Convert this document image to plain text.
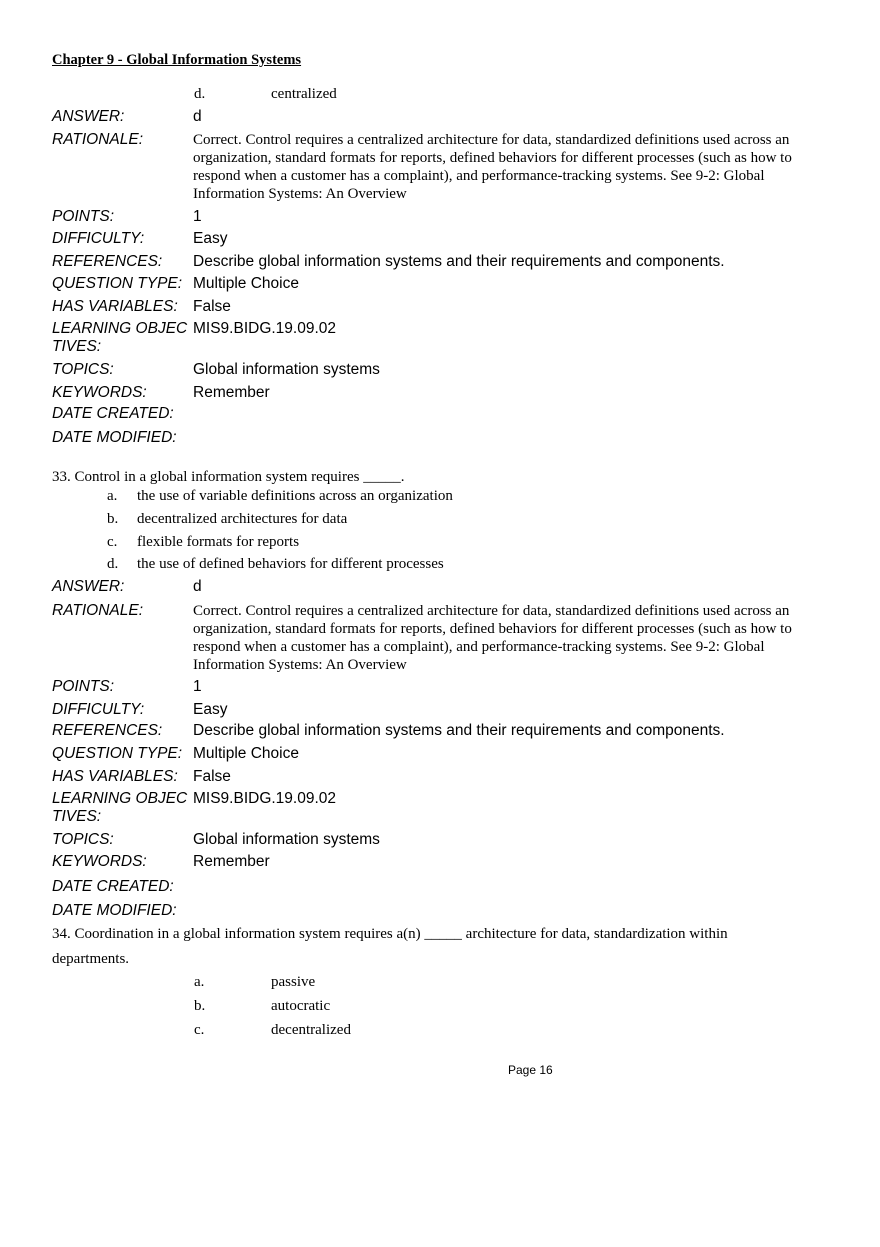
Chapter 9 - Global Information Systems
d.	centralized
ANSWER:	d
RATIONALE:	Correct. Control requires a centralized architecture for data, standardized definitions used across an organization, standard formats for reports, defined behaviors for different processes (such as how to respond when a customer has a complaint), and performance-tracking systems. See 9-2: Global Information Systems: An Overview
POINTS:	1
DIFFICULTY:	Easy
REFERENCES: Describe global information systems and their requirements and components.
QUESTION TYPE: Multiple Choice
HAS VARIABLES: False
LEARNING OBJEC
TIVES:
MIS9.BIDG.19.09.02
TOPICS:	Global information systems
KEYWORDS:	Remember
DATE CREATED:
DATE MODIFIED:
33. Control in a global information system requires _____.
a. the use of variable definitions across an organization
b. decentralized architectures for data
c. flexible formats for reports
d. the use of defined behaviors for different processes
ANSWER:	d
RATIONALE:	Correct. Control requires a centralized architecture for data, standardized definitions used across an organization, standard formats for reports, defined behaviors for different processes (such as how to respond when a customer has a complaint), and performance-tracking systems. See 9-2: Global Information Systems: An Overview
POINTS:	1
DIFFICULTY:	Easy
REFERENCES: Describe global information systems and their requirements and components.
QUESTION TYPE: Multiple Choice
HAS VARIABLES: False
LEARNING OBJEC
TIVES:
MIS9.BIDG.19.09.02
TOPICS:	Global information systems
KEYWORDS:	Remember
DATE CREATED:
DATE MODIFIED:
34. Coordination in a global information system requires a(n) _____ architecture for data, standardization within
departments.
a.	passive
b.	autocratic
c.	decentralized
Page 16
